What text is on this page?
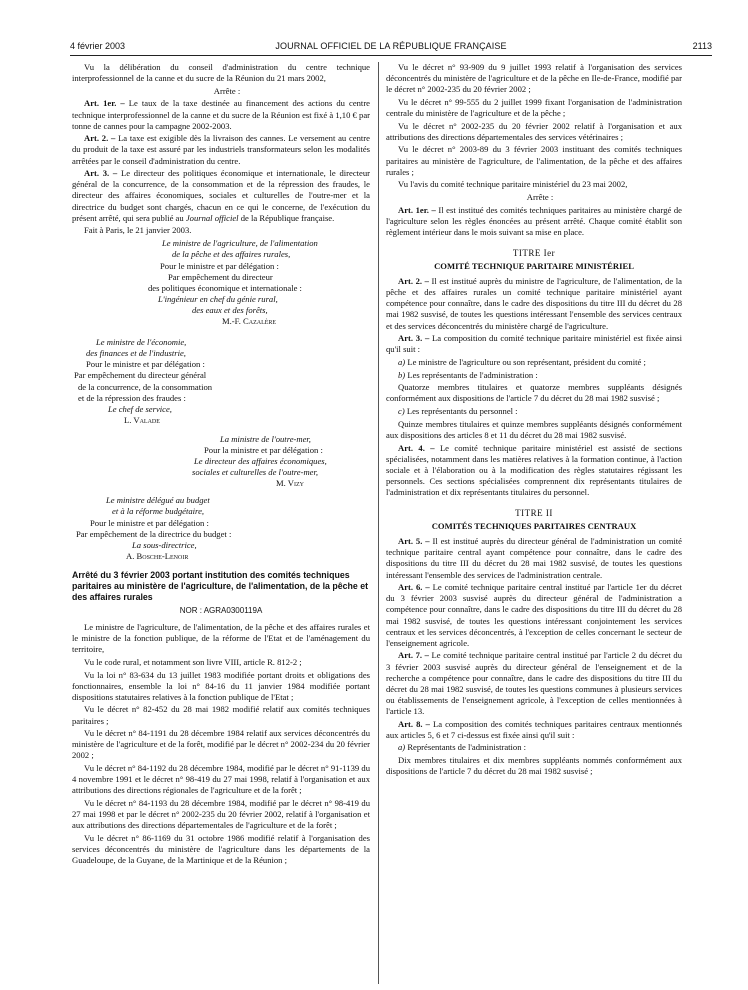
4 février 2003	JOURNAL OFFICIEL DE LA RÉPUBLIQUE FRANÇAISE	2113

Vu la délibération du conseil d'administration du centre technique interprofessionnel de la canne et du sucre de la Réunion du 21 mars 2002,

Arrête :

Art. 1er. – Le taux de la taxe destinée au financement des actions du centre technique interprofessionnel de la canne et du sucre de la Réunion est fixé à 1,10 € par tonne de cannes pour la campagne 2002-2003.

Art. 2. – La taxe est exigible dès la livraison des cannes. Le versement au centre du produit de la taxe est assuré par les industriels transformateurs selon les modalités arrêtées par le conseil d'administration du centre.

Art. 3. – Le directeur des politiques économique et internationale, le directeur général de la concurrence, de la consommation et de la répression des fraudes, le directeur des affaires économiques, sociales et culturelles de l'outre-mer et la directrice du budget sont chargés, chacun en ce qui le concerne, de l'exécution du présent arrêté, qui sera publié au Journal officiel de la République française.

Fait à Paris, le 21 janvier 2003.

Le ministre de l'agriculture, de l'alimentation
de la pêche et des affaires rurales,
Pour le ministre et par délégation :
Par empêchement du directeur
des politiques économique et internationale :
L'ingénieur en chef du génie rural,
des eaux et des forêts,
M.-F. Cazalère
Le ministre de l'économie,
des finances et de l'industrie,
Pour le ministre et par délégation :
Par empêchement du directeur général
de la concurrence, de la consommation
et de la répression des fraudes :
Le chef de service,
L. Valade
La ministre de l'outre-mer,
Pour la ministre et par délégation :
Le directeur des affaires économiques,
sociales et culturelles de l'outre-mer,
M. Vizy
Le ministre délégué au budget
et à la réforme budgétaire,
Pour le ministre et par délégation :
Par empêchement de la directrice du budget :
La sous-directrice,
A. Bosche-Lenoir
Arrêté du 3 février 2003 portant institution des comités techniques paritaires au ministère de l'agriculture, de l'alimentation, de la pêche et des affaires rurales
NOR : AGRA0300119A

Le ministre de l'agriculture, de l'alimentation, de la pêche et des affaires rurales et le ministre de la fonction publique, de la réforme de l'Etat et de l'aménagement du territoire,

Vu le code rural, et notamment son livre VIII, article R. 812-2 ;

Vu la loi n° 83-634 du 13 juillet 1983 modifiée portant droits et obligations des fonctionnaires, ensemble la loi n° 84-16 du 11 janvier 1984 modifiée portant dispositions statutaires relatives à la fonction publique de l'Etat ;

Vu le décret n° 82-452 du 28 mai 1982 modifié relatif aux comités techniques paritaires ;

Vu le décret n° 84-1191 du 28 décembre 1984 relatif aux services déconcentrés du ministère de l'agriculture et de la forêt, modifié par le décret n° 2002-234 du 20 février 2002 ;

Vu le décret n° 84-1192 du 28 décembre 1984, modifié par le décret n° 91-1139 du 4 novembre 1991 et le décret n° 98-419 du 27 mai 1998, relatif à l'organisation et aux attributions des directions régionales de l'agriculture et de la forêt ;

Vu le décret n° 84-1193 du 28 décembre 1984, modifié par le décret n° 98-419 du 27 mai 1998 et par le décret n° 2002-235 du 20 février 2002, relatif à l'organisation et aux attributions des directions départementales de l'agriculture et de la forêt ;

Vu le décret n° 86-1169 du 31 octobre 1986 modifié relatif à l'organisation des services déconcentrés du ministère de l'agriculture dans les départements de la Guadeloupe, de la Guyane, de la Martinique et de la Réunion ;

Vu le décret n° 93-909 du 9 juillet 1993 relatif à l'organisation des services déconcentrés du ministère de l'agriculture et de la pêche en Ile-de-France, modifié par le décret n° 2002-235 du 20 février 2002 ;

Vu le décret n° 99-555 du 2 juillet 1999 fixant l'organisation de l'administration centrale du ministère de l'agriculture et de la pêche ;

Vu le décret n° 2002-235 du 20 février 2002 relatif à l'organisation et aux attributions des directions départementales des services vétérinaires ;

Vu le décret n° 2003-89 du 3 février 2003 instituant des comités techniques paritaires au ministère de l'agriculture, de l'alimentation, de la pêche et des affaires rurales ;

Vu l'avis du comité technique paritaire ministériel du 23 mai 2002,

Arrête :

Art. 1er. – Il est institué des comités techniques paritaires au ministère chargé de l'agriculture selon les règles énoncées au présent arrêté. Chaque comité établit son règlement intérieur dans le mois suivant sa mise en place.

TITRE Ier
COMITÉ TECHNIQUE PARITAIRE MINISTÉRIEL

Art. 2. – Il est institué auprès du ministre de l'agriculture, de l'alimentation, de la pêche et des affaires rurales un comité technique paritaire ministériel ayant compétence pour connaître, dans le cadre des dispositions du titre III du décret du 28 mai 1982 susvisé, de toutes les questions intéressant l'ensemble des services centraux et des services déconcentrés du ministère chargé de l'agriculture.

Art. 3. – La composition du comité technique paritaire ministériel est fixée ainsi qu'il suit :

a) Le ministre de l'agriculture ou son représentant, président du comité ;

b) Les représentants de l'administration :

Quatorze membres titulaires et quatorze membres suppléants désignés conformément aux dispositions de l'article 7 du décret du 28 mai 1982 susvisé ;

c) Les représentants du personnel :

Quinze membres titulaires et quinze membres suppléants désignés conformément aux dispositions des articles 8 et 11 du décret du 28 mai 1982 susvisé.

Art. 4. – Le comité technique paritaire ministériel est assisté de sections spécialisées, notamment dans les matières relatives à la formation continue, à l'action sociale et à l'élaboration ou à la modification des règles statutaires régissant les personnels. Ces sections spécialisées comprennent dix représentants titulaires de l'administration et dix représentants titulaires du personnel.

TITRE II
COMITÉS TECHNIQUES PARITAIRES CENTRAUX

Art. 5. – Il est institué auprès du directeur général de l'administration un comité technique paritaire central ayant compétence pour connaître, dans le cadre des dispositions du titre III du décret du 28 mai 1982 susvisé, de toutes les questions intéressant l'ensemble des services de l'administration centrale.

Art. 6. – Le comité technique paritaire central institué par l'article 1er du décret du 3 février 2003 susvisé auprès du directeur général de l'administration a compétence pour connaître, dans le cadre des dispositions du titre III du décret du 28 mai 1982 susvisé, de toutes les questions intéressant conjointement les services centraux et les services déconcentrés, à l'exception de celles concernant le secteur de l'enseignement agricole.

Art. 7. – Le comité technique paritaire central institué par l'article 2 du décret du 3 février 2003 susvisé auprès du directeur général de l'enseignement et de la recherche a compétence pour connaître, dans le cadre des dispositions du titre III du décret du 28 mai 1982 susvisé, de toutes les questions communes à plusieurs services ou établissements de l'enseignement agricole, à l'exception de celles mentionnées à l'article 13.

Art. 8. – La composition des comités techniques paritaires centraux mentionnés aux articles 5, 6 et 7 ci-dessus est fixée ainsi qu'il suit :

a) Représentants de l'administration :

Dix membres titulaires et dix membres suppléants nommés conformément aux dispositions de l'article 7 du décret du 28 mai 1982 susvisé ;
